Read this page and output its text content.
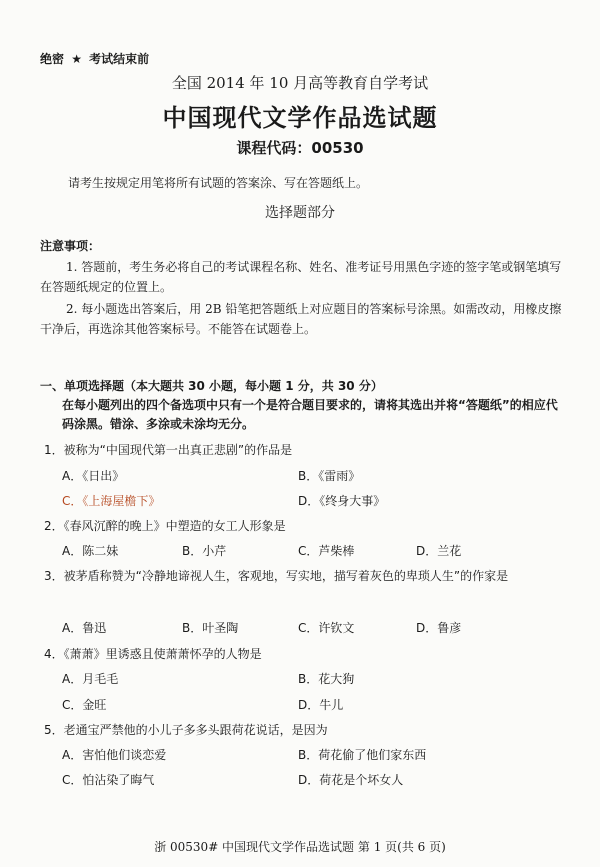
绝密 ★ 考试结束前
全国 2014 年 10 月高等教育自学考试
中国现代文学作品选试题
课程代码：00530
请考生按规定用笔将所有试题的答案涂、写在答题纸上。
选择题部分
注意事项：
1. 答题前，考生务必将自己的考试课程名称、姓名、准考证号用黑色字迹的签字笔或钢笔填写在答题纸规定的位置上。
2. 每小题选出答案后，用 2B 铅笔把答题纸上对应题目的答案标号涂黑。如需改动，用橡皮擦干净后，再选涂其他答案标号。不能答在试题卷上。
一、单项选择题（本大题共 30 小题，每小题 1 分，共 30 分）
在每小题列出的四个备选项中只有一个是符合题目要求的，请将其选出并将“答题纸”的相应代码涂黑。错涂、多涂或未涂均无分。
1．被称为“中国现代第一出真正悲剧”的作品是
A．《日出》	B．《雷雨》
C．《上海屋檐下》	D．《终身大事》
2．《春风沉醉的晚上》中塑造的女工人形象是
A．陈二妹	B．小芹	C．芦柴棒	D．兰花
3．被茅盾称赞为“冷静地谛视人生，客观地，写实地，描写着灰色的卑琐人生”的作家是
A．鲁迅	B．叶圣陶	C．许钦文	D．鲁彦
4．《萧萧》里诱惑且使萧萧怀孕的人物是
A．月毛毛	B．花大狗
C．金旺	D．牛儿
5．老通宝严禁他的小儿子多多头跟荷花说话，是因为
A．害怕他们谈恋爱	B．荷花偷了他们家东西
C．怕沾染了晦气	D．荷花是个坏女人
浙 00530# 中国现代文学作品选试题 第 1 页(共 6 页)
